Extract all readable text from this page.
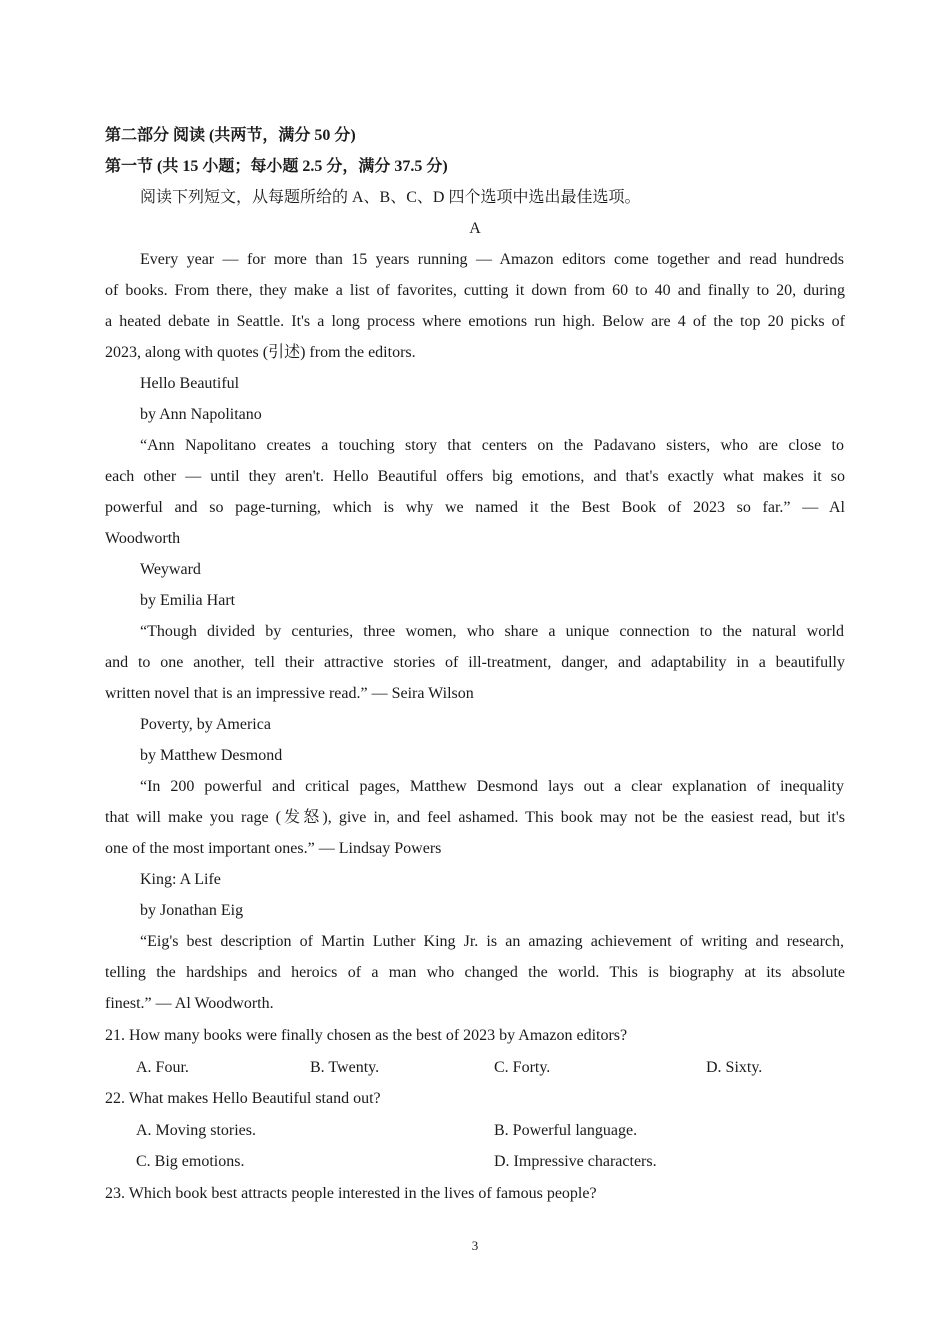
第二部分 阅读 (共两节，满分 50 分)
第一节 (共 15 小题；每小题 2.5 分，满分 37.5 分)
阅读下列短文，从每题所给的 A、B、C、D 四个选项中选出最佳选项。
A
Every year — for more than 15 years running — Amazon editors come together and read hundreds
of books. From there, they make a list of favorites, cutting it down from 60 to 40 and finally to 20, during
a heated debate in Seattle. It's a long process where emotions run high. Below are 4 of the top 20 picks of
2023, along with quotes (引述) from the editors.
Hello Beautiful
by Ann Napolitano
“Ann Napolitano creates a touching story that centers on the Padavano sisters, who are close to
each other — until they aren't. Hello Beautiful offers big emotions, and that's exactly what makes it so
powerful and so page-turning, which is why we named it the Best Book of 2023 so far.” — Al
Woodworth
Weyward
by Emilia Hart
“Though divided by centuries, three women, who share a unique connection to the natural world
and to one another, tell their attractive stories of ill-treatment, danger, and adaptability in a beautifully
written novel that is an impressive read.” — Seira Wilson
Poverty, by America
by Matthew Desmond
“In 200 powerful and critical pages, Matthew Desmond lays out a clear explanation of inequality
that will make you rage (发怒), give in, and feel ashamed. This book may not be the easiest read, but it's
one of the most important ones.” — Lindsay Powers
King: A Life
by Jonathan Eig
“Eig's best description of Martin Luther King Jr. is an amazing achievement of writing and research,
telling the hardships and heroics of a man who changed the world. This is biography at its absolute
finest.” — Al Woodworth.
21. How many books were finally chosen as the best of 2023 by Amazon editors?
A. Four.	B. Twenty.	C. Forty.	D. Sixty.
22. What makes Hello Beautiful stand out?
A. Moving stories.	B. Powerful language.
C. Big emotions.	D. Impressive characters.
23. Which book best attracts people interested in the lives of famous people?
3
